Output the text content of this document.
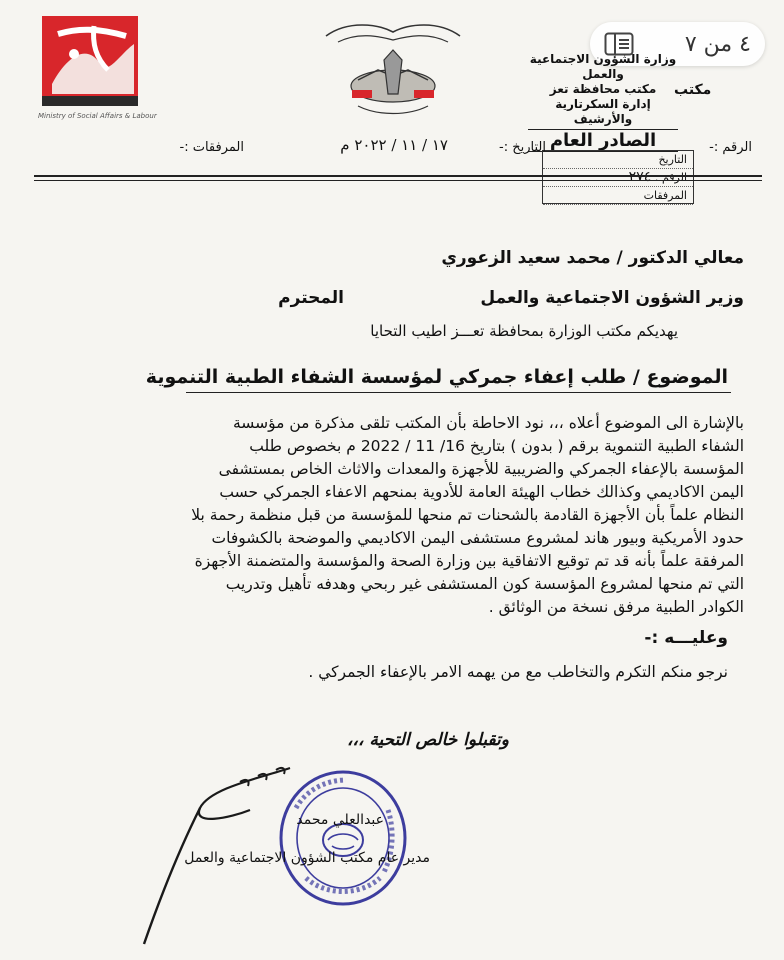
٤ من ٧
Ministry of Social Affairs & Labour
وزارة الشؤون الاجتماعية والعمل
مكتب محافظة تعز
إدارة السكرتارية والأرشيف
الصادر العام
مكتب
التاريخ
الرقم : ٢٧٤
المرفقات
الرقم :-
التاريخ :-
١٧ / ١١ / ٢٠٢٢ م
المرفقات :-
معالي الدكتور / محمد سعيد الزعوري
وزير الشؤون الاجتماعية والعمل
المحترم
يهديكم مكتب الوزارة بمحافظة تعـــز اطيب التحايا
الموضوع / طلب إعفاء جمركي لمؤسسة الشفاء الطبية التنموية
بالإشارة الى الموضوع أعلاه ،،، نود الاحاطة بأن المكتب تلقى مذكرة من مؤسسة
الشفاء الطبية التنموية برقم ( بدون ) بتاريخ 16/ 11 / 2022 م بخصوص طلب
المؤسسة بالإعفاء الجمركي والضريبية للأجهزة والمعدات والاثاث الخاص بمستشفى
اليمن الاكاديمي وكذالك خطاب الهيئة العامة للأدوية بمنحهم الاعفاء الجمركي حسب
النظام علماً بأن الأجهزة القادمة بالشحنات تم منحها للمؤسسة من قبل منظمة رحمة بلا
حدود الأمريكية وبيور هاند لمشروع مستشفى اليمن الاكاديمي والموضحة بالكشوفات
المرفقة علماً بأنه قد تم توقيع الاتفاقية بين وزارة الصحة والمؤسسة والمتضمنة الأجهزة
التي تم منحها لمشروع المؤسسة كون المستشفى غير ربحي وهدفه تأهيل وتدريب
الكوادر الطبية مرفق نسخة من الوثائق .
وعليـــه :-
نرجو منكم التكرم والتخاطب مع من يهمه الامر بالإعفاء الجمركي .
وتقبلوا خالص التحية ،،،
عبدالعلي محمد
مدير عام مكتب الشؤون الاجتماعية والعمل
